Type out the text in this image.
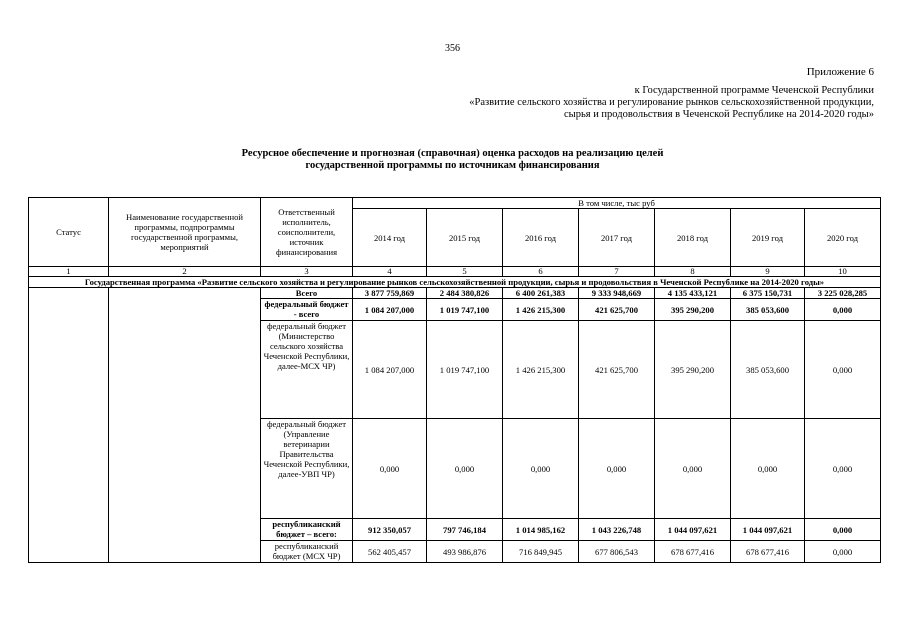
356
Приложение 6
к Государственной программе Чеченской Республики
«Развитие сельского хозяйства и регулирование рынков сельскохозяйственной продукции,
сырья и продовольствия в Чеченской Республике на 2014-2020 годы»
Ресурсное обеспечение и прогнозная (справочная) оценка расходов на реализацию целей
государственной программы по источникам финансирования
Статус	Наименование государственной программы, подпрограммы государственной программы, мероприятий	Ответственный исполнитель, соисполнители, источник финансирования	В том числе, тыс руб						
			2014 год	2015 год	2016 год	2017 год	2018 год	2019 год	2020 год
1	2	3	4	5	6	7	8	9	10
Государственная программа «Развитие сельского хозяйства и регулирование рынков сельскохозяйственной продукции, сырья и продовольствия в Чеченской Республике на 2014-2020 годы»									
		Всего	3 877 759,869	2 484 380,826	6 400 261,383	9 333 948,669	4 135 433,121	6 375 150,731	3 225 028,285
		федеральный бюджет - всего	1 084 207,000	1 019 747,100	1 426 215,300	421 625,700	395 290,200	385 053,600	0,000
		федеральный бюджет (Министерство сельского хозяйства Чеченской Республики, далее-МСХ ЧР)	1 084 207,000	1 019 747,100	1 426 215,300	421 625,700	395 290,200	385 053,600	0,000
		федеральный бюджет (Управление ветеринарии Правительства Чеченской Республики, далее-УВП ЧР)	0,000	0,000	0,000	0,000	0,000	0,000	0,000
		республиканский бюджет – всего:	912 350,057	797 746,184	1 014 985,162	1 043 226,748	1 044 097,621	1 044 097,621	0,000
		республиканский бюджет (МСХ ЧР)	562 405,457	493 986,876	716 849,945	677 806,543	678 677,416	678 677,416	0,000
